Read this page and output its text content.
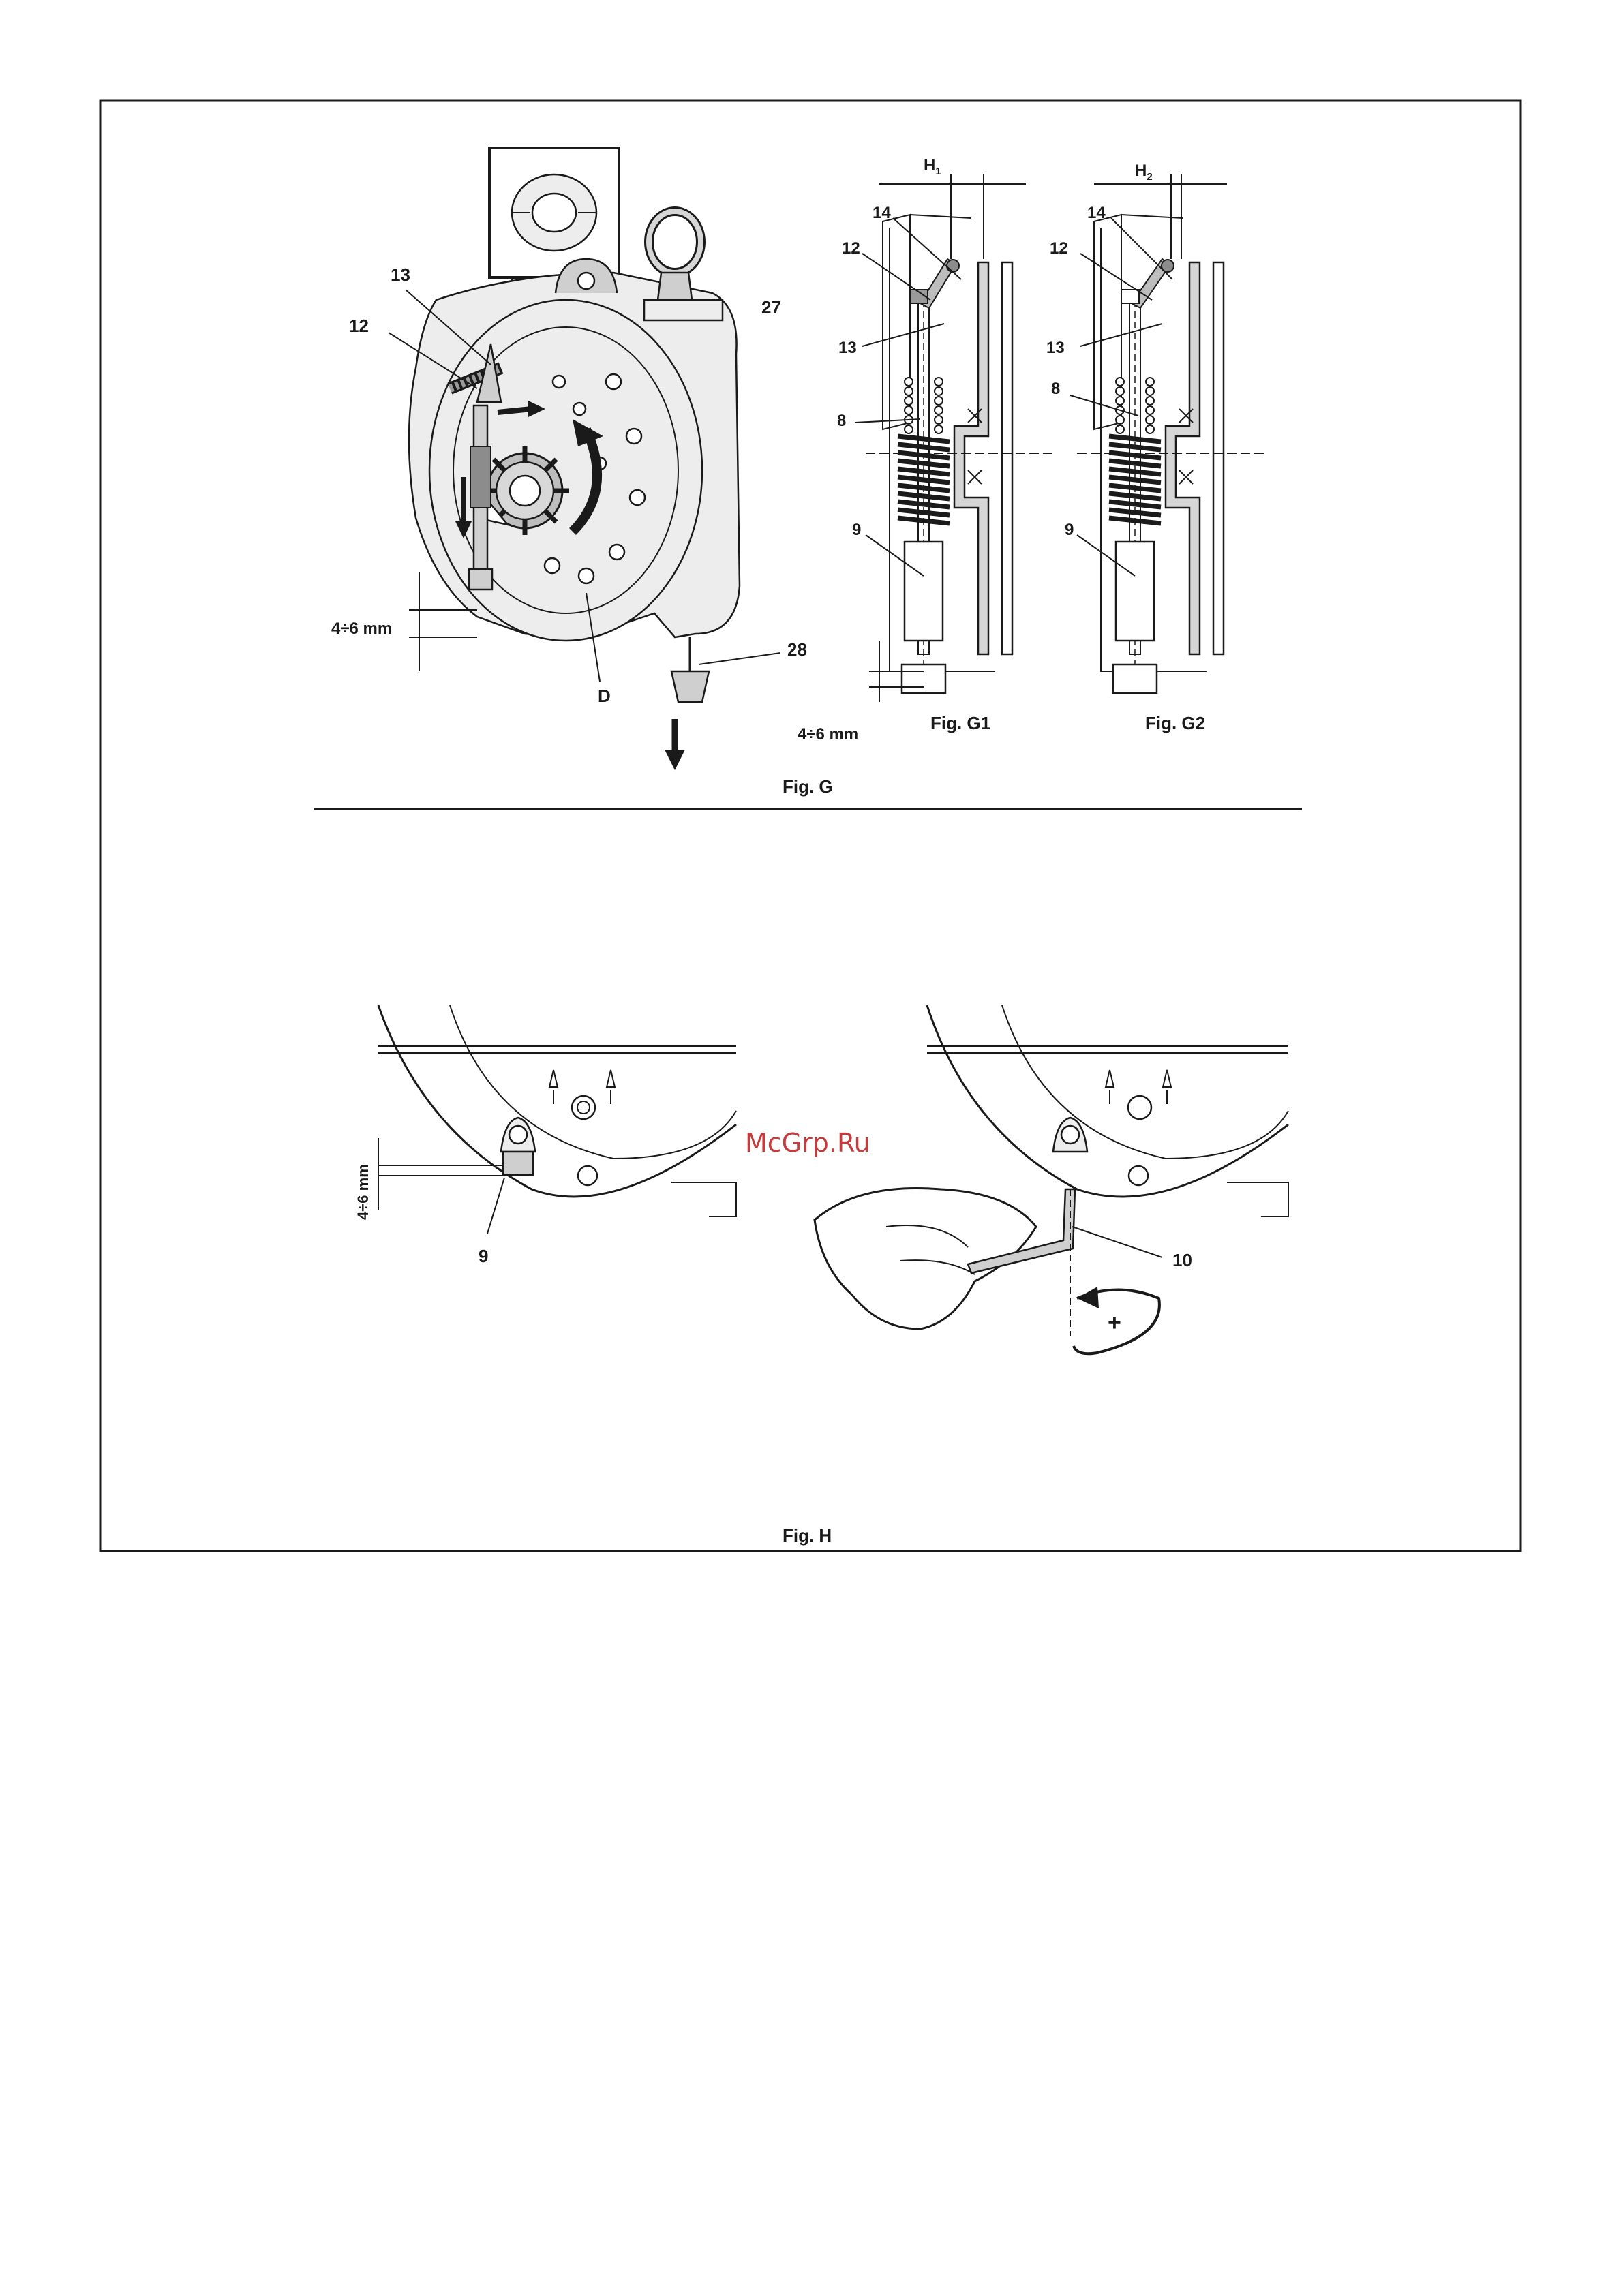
13
12
27
28
D
4÷6 mm
$H_1$	$H_2$
14
12
13
8
9
14
12
13
8
9
4÷6 mm
Fig. G1	Fig. G2
Fig. G
9
4÷6 mm
10
+
McGrp.Ru
Fig. H
